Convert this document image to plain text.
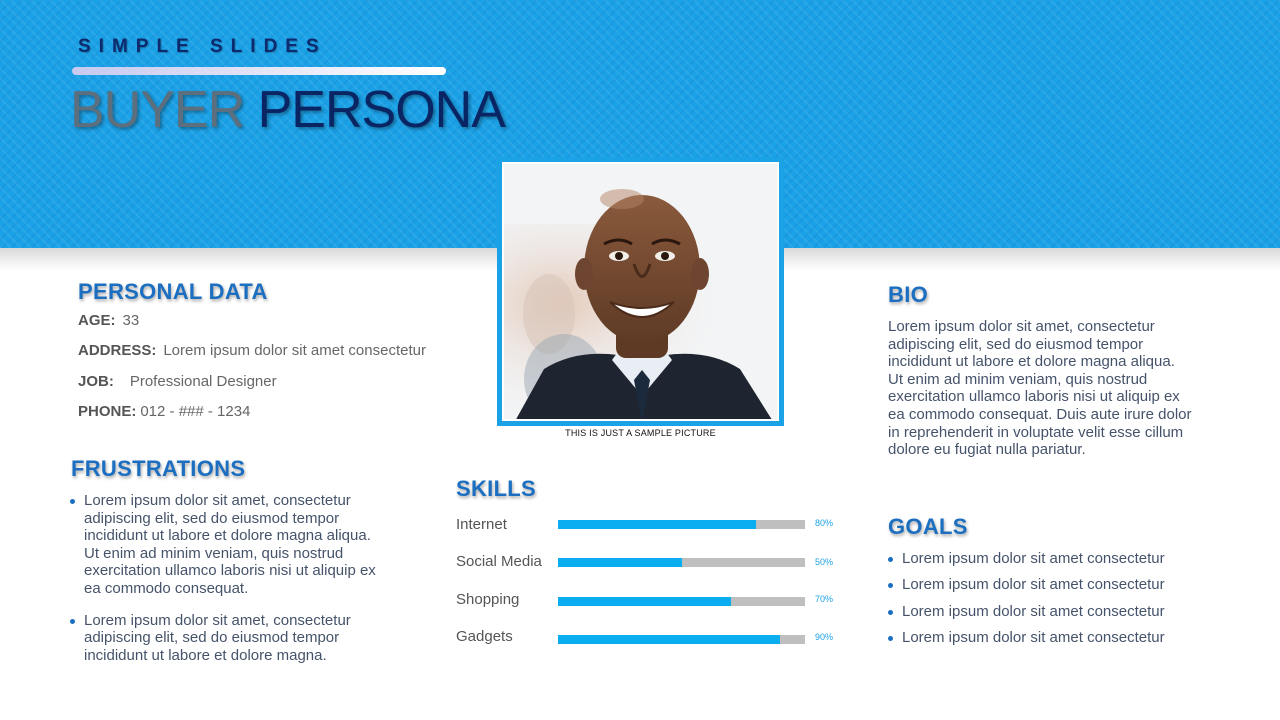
SIMPLE SLIDES
BUYER PERSONA
THIS IS JUST A SAMPLE PICTURE
PERSONAL DATA
AGE: 33
ADDRESS: Lorem ipsum dolor sit amet consectetur
JOB: Professional Designer
PHONE: 012 - ### - 1234
FRUSTRATIONS
Lorem ipsum dolor sit amet, consectetur adipiscing elit, sed do eiusmod tempor incididunt ut labore et dolore magna aliqua. Ut enim ad minim veniam, quis nostrud exercitation ullamco laboris nisi ut aliquip ex ea commodo consequat.
Lorem ipsum dolor sit amet, consectetur adipiscing elit, sed do eiusmod tempor incididunt ut labore et dolore magna.
SKILLS
Internet	80%
Social Media	50%
Shopping	70%
Gadgets	90%
BIO
Lorem ipsum dolor sit amet, consectetur adipiscing elit, sed do eiusmod tempor incididunt ut labore et dolore magna aliqua. Ut enim ad minim veniam, quis nostrud exercitation ullamco laboris nisi ut aliquip ex ea commodo consequat. Duis aute irure dolor in reprehenderit in voluptate velit esse cillum dolore eu fugiat nulla pariatur.
GOALS
Lorem ipsum dolor sit amet consectetur
Lorem ipsum dolor sit amet consectetur
Lorem ipsum dolor sit amet consectetur
Lorem ipsum dolor sit amet consectetur
